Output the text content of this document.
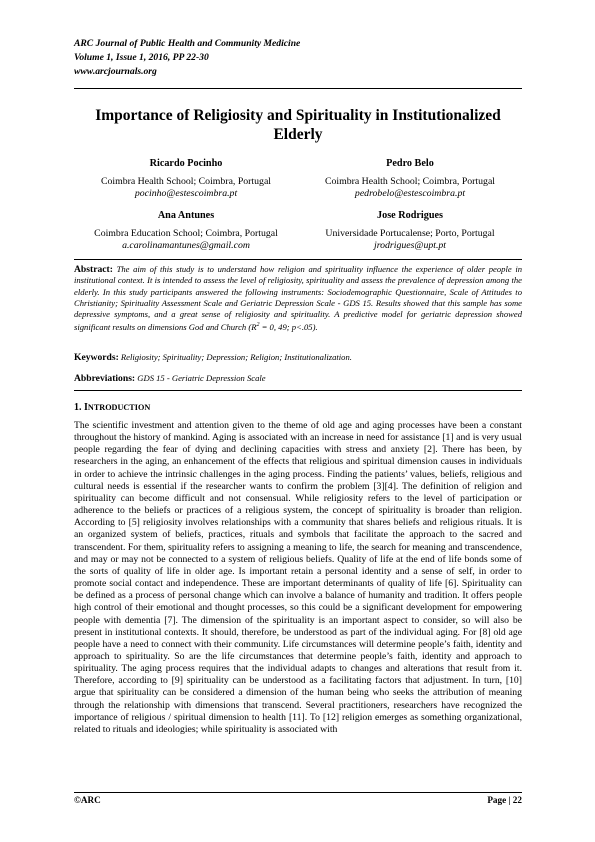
ARC Journal of Public Health and Community Medicine
Volume 1, Issue 1, 2016, PP 22-30
www.arcjournals.org
Importance of Religiosity and Spirituality in Institutionalized Elderly
Ricardo Pocinho
Coimbra Health School; Coimbra, Portugal
pocinho@estescoimbra.pt
Pedro Belo
Coimbra Health School; Coimbra, Portugal
pedrobelo@estescoimbra.pt
Ana Antunes
Coimbra Education School; Coimbra, Portugal
a.carolinamantunes@gmail.com
Jose Rodrigues
Universidade Portucalense; Porto, Portugal
jrodrigues@upt.pt
Abstract: The aim of this study is to understand how religion and spirituality influence the experience of older people in institutional context. It is intended to assess the level of religiosity, spirituality and assess the prevalence of depression among the elderly. In this study participants answered the following instruments: Sociodemographic Questionnaire, Scale of Attitudes to Christianity; Spirituality Assessment Scale and Geriatric Depression Scale - GDS 15. Results showed that this sample has some depressive symptoms, and a great sense of religiosity and spirituality. A predictive model for geriatric depression showed significant results on dimensions God and Church ($R^2 = 0$, 49; p<.05).
Keywords: Religiosity; Spirituality; Depression; Religion; Institutionalization.
Abbreviations: GDS 15 - Geriatric Depression Scale
1. INTRODUCTION
The scientific investment and attention given to the theme of old age and aging processes have been a constant throughout the history of mankind. Aging is associated with an increase in need for assistance [1] and is very usual people regarding the fear of dying and declining capacities with stress and anxiety [2]. There has been, by researchers in the aging, an enhancement of the effects that religious and spiritual dimension causes in individuals in order to achieve the intrinsic challenges in the aging process. Finding the patients’ values, beliefs, religious and cultural needs is essential if the researcher wants to confirm the problem [3][4]. The definition of religion and spirituality can become difficult and not consensual. While religiosity refers to the level of participation or adherence to the beliefs or practices of a religious system, the concept of spirituality is broader than religion. According to [5] religiosity involves relationships with a community that shares beliefs and religious rituals. It is an organized system of beliefs, practices, rituals and symbols that facilitate the approach to the sacred and transcendent. For them, spirituality refers to assigning a meaning to life, the search for meaning and transcendence, and may or may not be connected to a system of religious beliefs. Quality of life at the end of life bonds some of the sorts of quality of life in older age. Is important retain a personal identity and a sense of self, in order to promote social contact and independence. These are important determinants of quality of life [6]. Spirituality can be defined as a process of personal change which can involve a balance of humanity and tradition. It offers people high control of their emotional and thought processes, so this could be a significant development for empowering people with dementia [7]. The dimension of the spirituality is an important aspect to consider, so will also be present in institutional contexts. It should, therefore, be understood as part of the individual aging. For [8] old age people have a need to connect with their community. Life circumstances will determine people’s faith, identity and approach to spirituality. So are the life circumstances that determine people’s faith, identity and approach to spirituality. The aging process requires that the individual adapts to changes and alterations that result from it. Therefore, according to [9] spirituality can be understood as a facilitating factors that adjustment. In turn, [10] argue that spirituality can be considered a dimension of the human being who seeks the attribution of meaning through the relationship with dimensions that transcend. Several practitioners, researchers have recognized the importance of religious / spiritual dimension to health [11]. To [12] religion emerges as something organizational, related to rituals and ideologies; while spirituality is associated with
©ARC	Page | 22
